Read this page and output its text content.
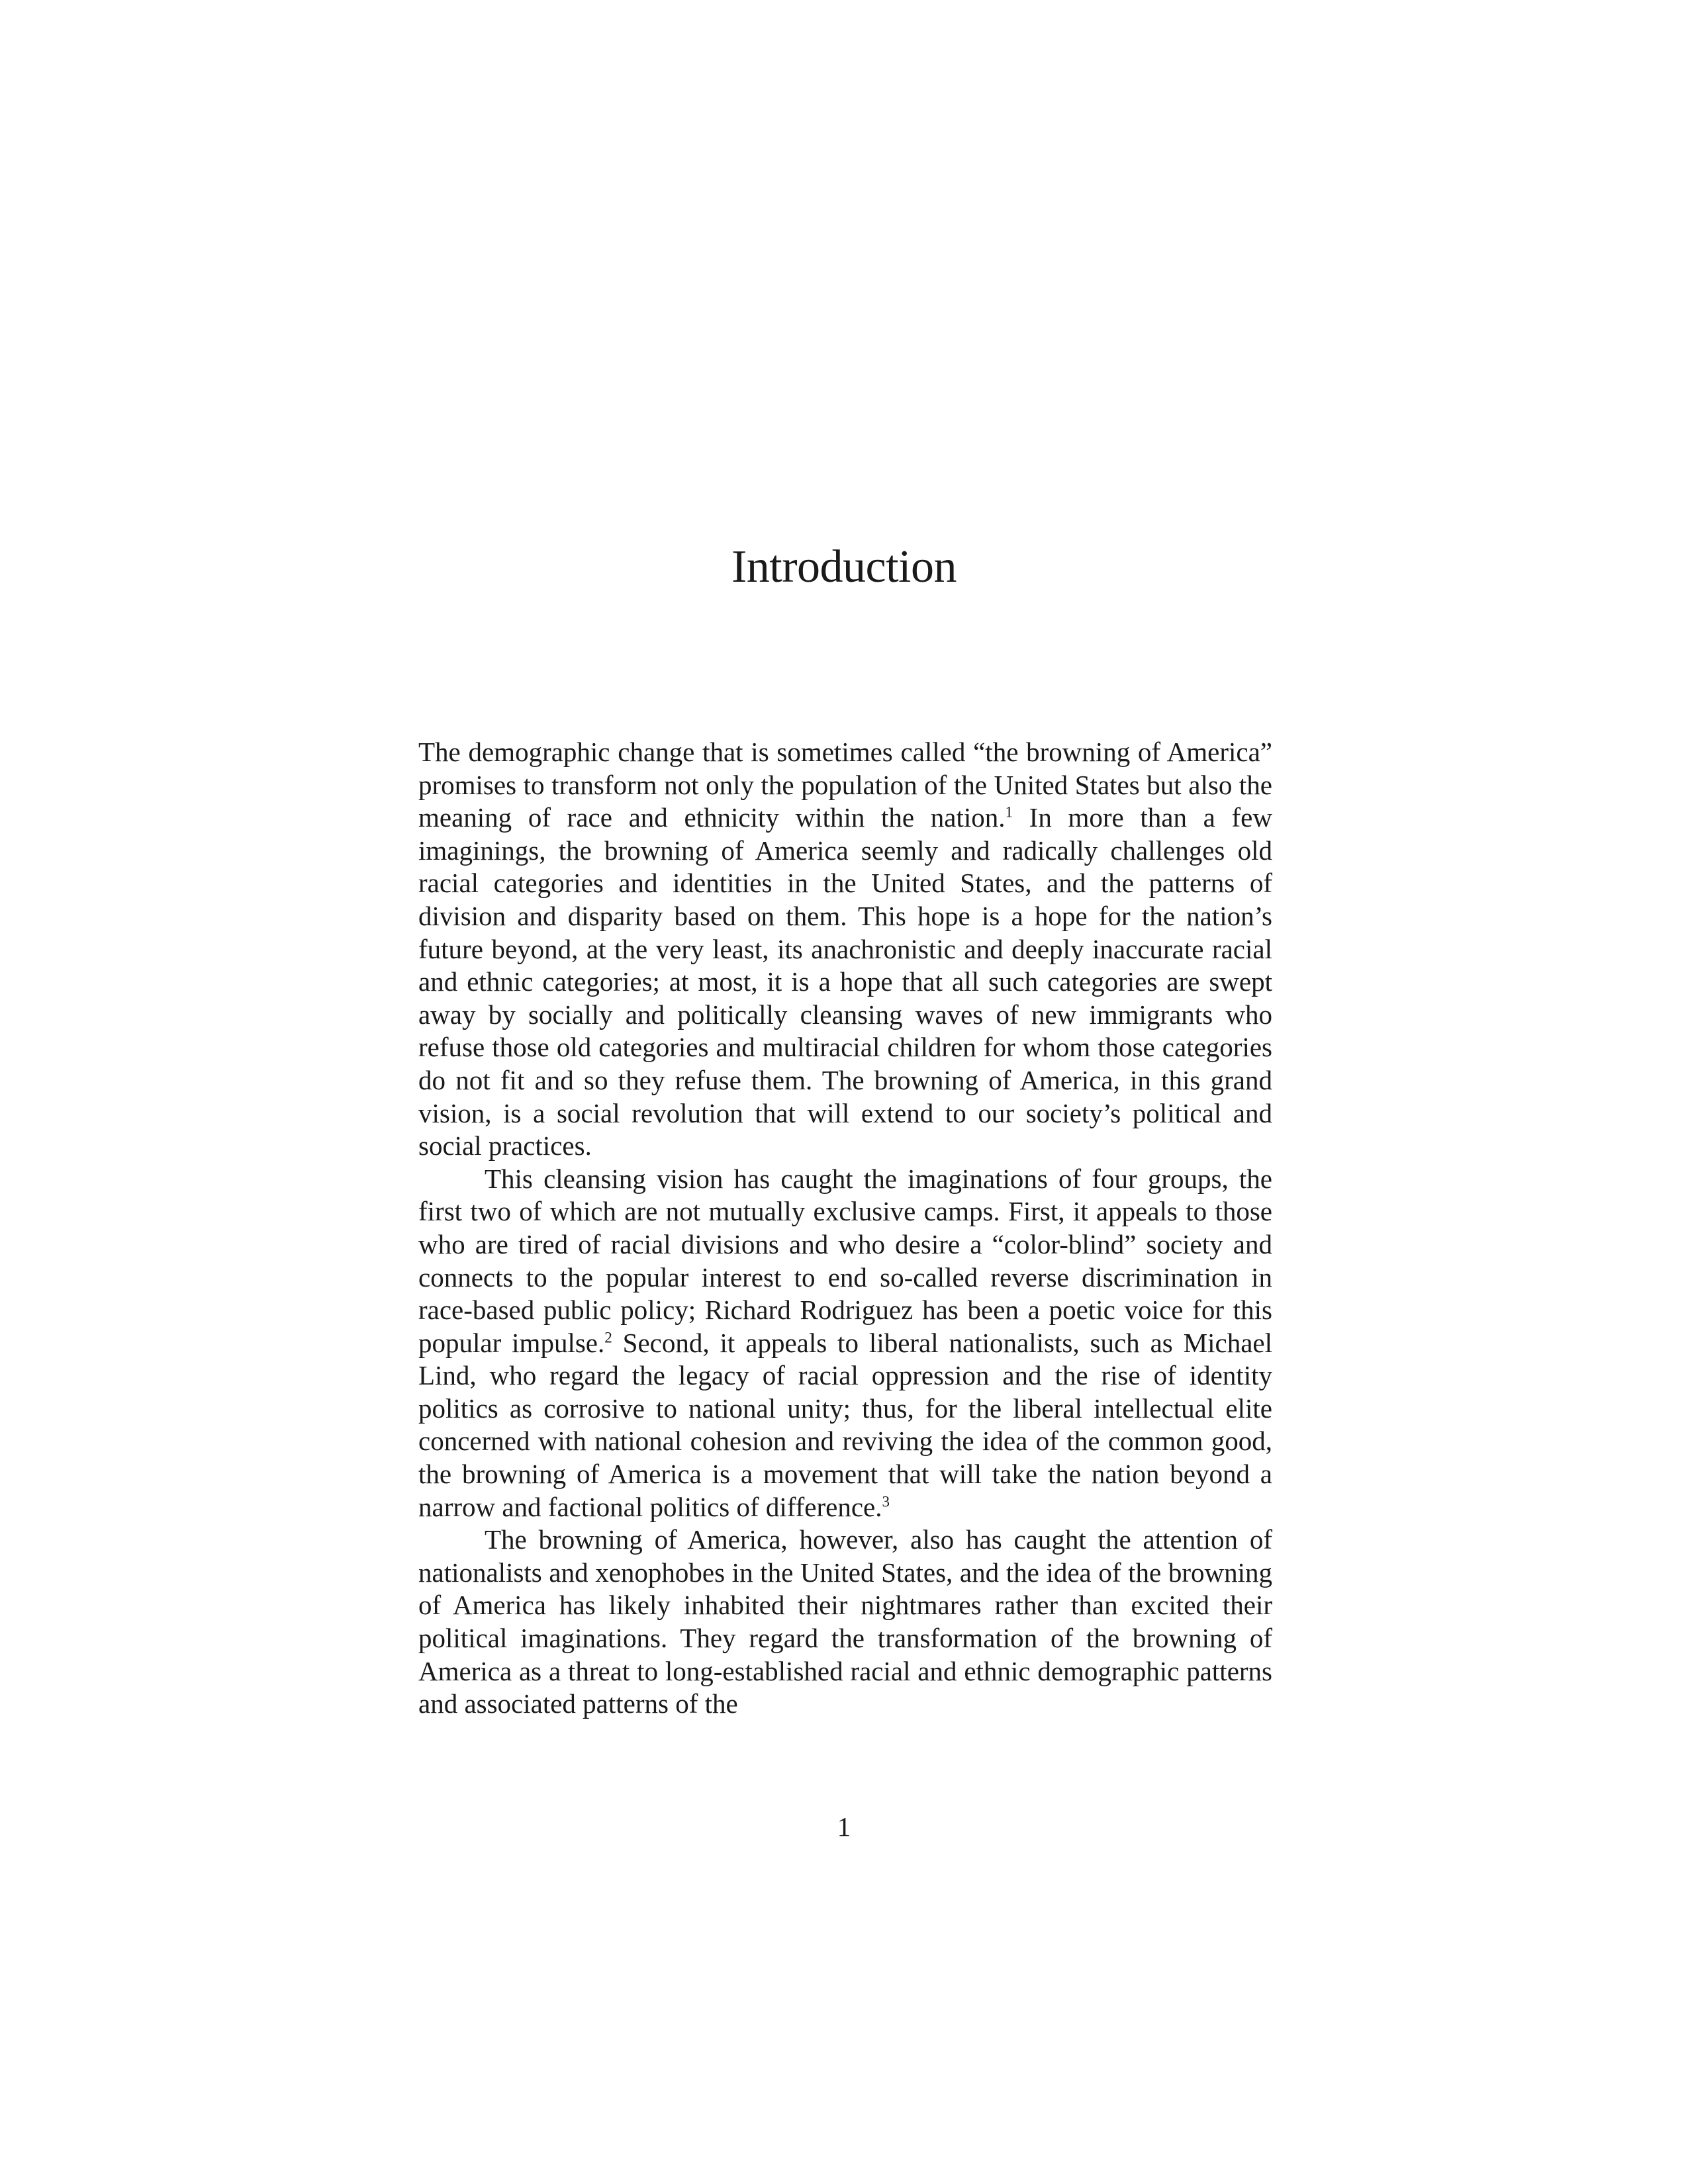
Introduction

The demographic change that is sometimes called “the browning of America” promises to transform not only the population of the United States but also the meaning of race and ethnicity within the nation.$^1$ In more than a few imaginings, the browning of America seemly and radically challenges old racial categories and identities in the United States, and the patterns of division and disparity based on them. This hope is a hope for the nation’s future beyond, at the very least, its anachronistic and deeply inaccurate racial and ethnic categories; at most, it is a hope that all such categories are swept away by socially and politically cleansing waves of new immigrants who refuse those old categories and multiracial children for whom those categories do not fit and so they refuse them. The browning of America, in this grand vision, is a social revolution that will extend to our society’s political and social practices.

This cleansing vision has caught the imaginations of four groups, the first two of which are not mutually exclusive camps. First, it appeals to those who are tired of racial divisions and who desire a “color-blind” society and connects to the popular interest to end so-called reverse discrimination in race-based public policy; Richard Rodriguez has been a poetic voice for this popular impulse.$^2$ Second, it appeals to liberal nationalists, such as Michael Lind, who regard the legacy of racial oppression and the rise of identity politics as corrosive to national unity; thus, for the liberal intellectual elite concerned with national cohesion and reviving the idea of the common good, the browning of America is a movement that will take the nation beyond a narrow and factional politics of difference.$^3$

The browning of America, however, also has caught the attention of nationalists and xenophobes in the United States, and the idea of the browning of America has likely inhabited their nightmares rather than excited their political imaginations. They regard the transformation of the browning of America as a threat to long-established racial and ethnic demographic patterns and associated patterns of the

1
